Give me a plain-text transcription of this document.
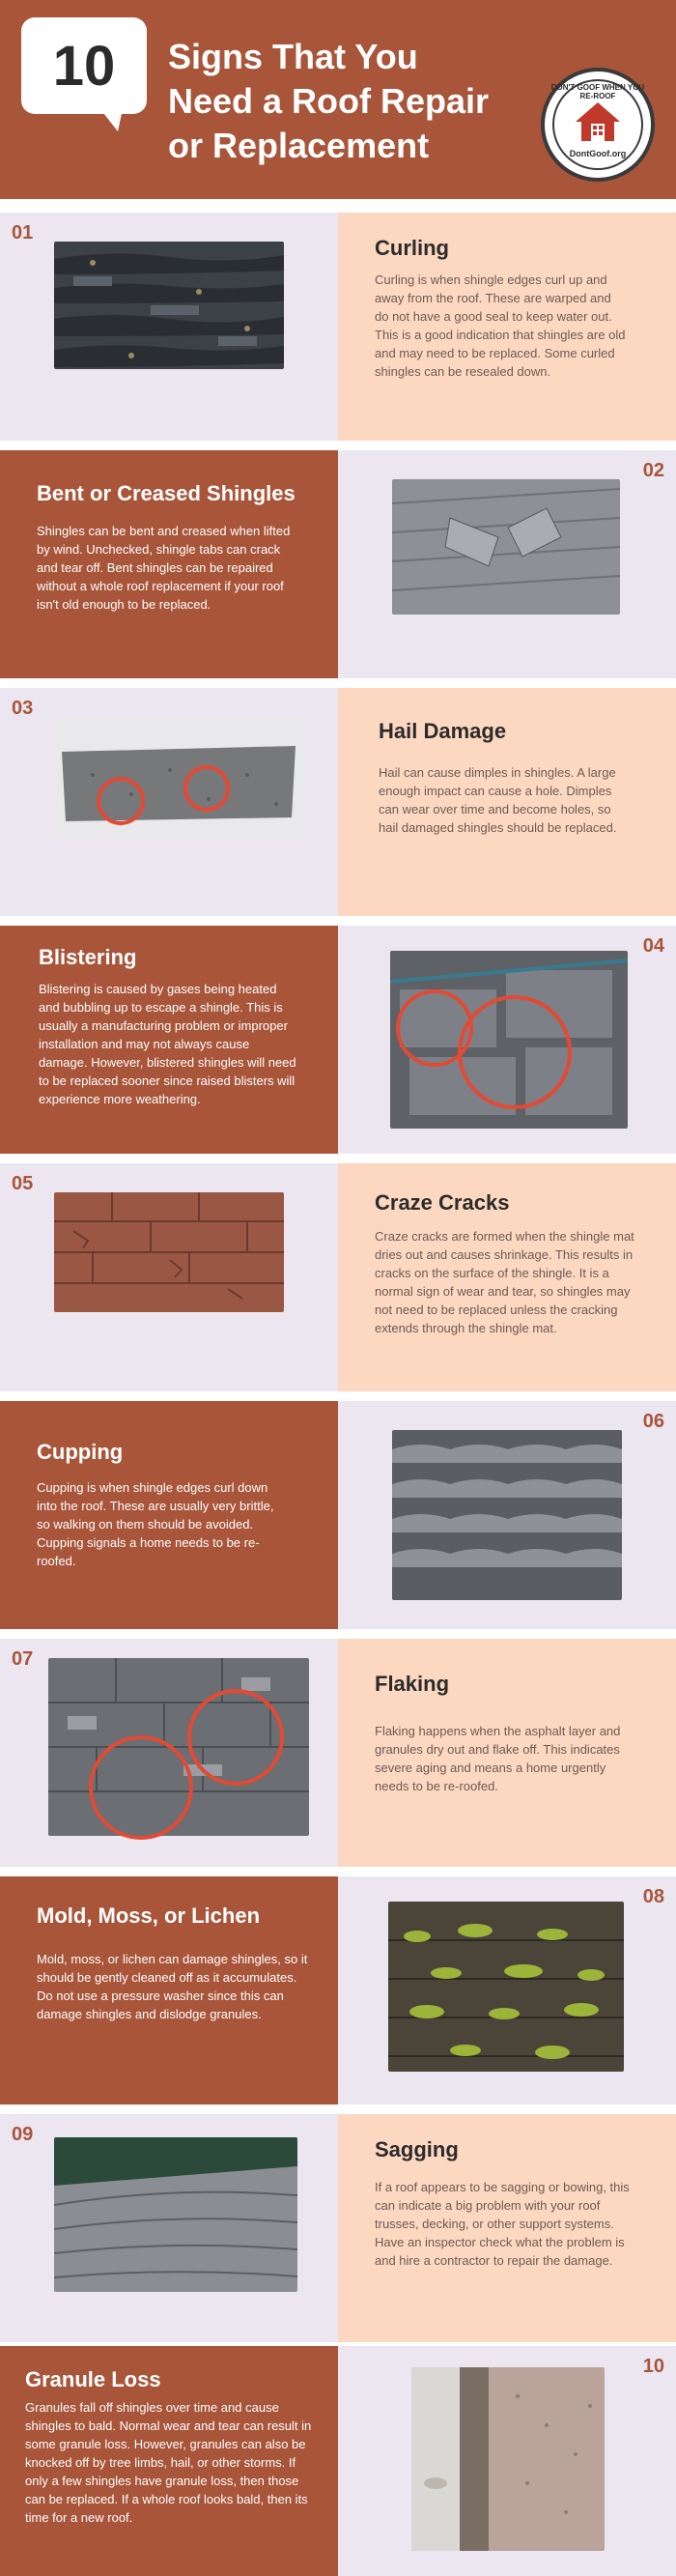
10	Signs That You
Need a Roof Repair
or Replacement
DON'T GOOF WHEN YOU RE-ROOF
DontGoof.org
01
Curling
Curling is when shingle edges curl up and away from the roof. These are warped and do not have a good seal to keep water out. This is a good indication that shingles are old and may need to be replaced. Some curled shingles can be resealed down.
Bent or Creased Shingles
Shingles can be bent and creased when lifted by wind. Unchecked, shingle tabs can crack and tear off. Bent shingles can be repaired without a whole roof replacement if your roof isn't old enough to be replaced.
02
03
Hail Damage
Hail can cause dimples in shingles. A large enough impact can cause a hole. Dimples can wear over time and become holes, so hail damaged shingles should be replaced.
Blistering
Blistering is caused by gases being heated and bubbling up to escape a shingle. This is usually a manufacturing problem or improper installation and may not always cause damage. However, blistered shingles will need to be replaced sooner since raised blisters will experience more weathering.
04
05
Craze Cracks
Craze cracks are formed when the shingle mat dries out and causes shrinkage. This results in cracks on the surface of the shingle. It is a normal sign of wear and tear, so shingles may not need to be replaced unless the cracking extends through the shingle mat.
Cupping
Cupping is when shingle edges curl down into the roof. These are usually very brittle, so walking on them should be avoided. Cupping signals a home needs to be re-roofed.
06
07
Flaking
Flaking happens when the asphalt layer and granules dry out and flake off. This indicates severe aging and means a home urgently needs to be re-roofed.
Mold, Moss, or Lichen
Mold, moss, or lichen can damage shingles, so it should be gently cleaned off as it accumulates. Do not use a pressure washer since this can damage shingles and dislodge granules.
08
09
Sagging
If a roof appears to be sagging or bowing, this can indicate a big problem with your roof trusses, decking, or other support systems. Have an inspector check what the problem is and hire a contractor to repair the damage.
Granule Loss
Granules fall off shingles over time and cause shingles to bald. Normal wear and tear can result in some granule loss. However, granules can also be knocked off by tree limbs, hail, or other storms. If only a few shingles have granule loss, then those can be replaced. If a whole roof looks bald, then its time for a new roof.
10
